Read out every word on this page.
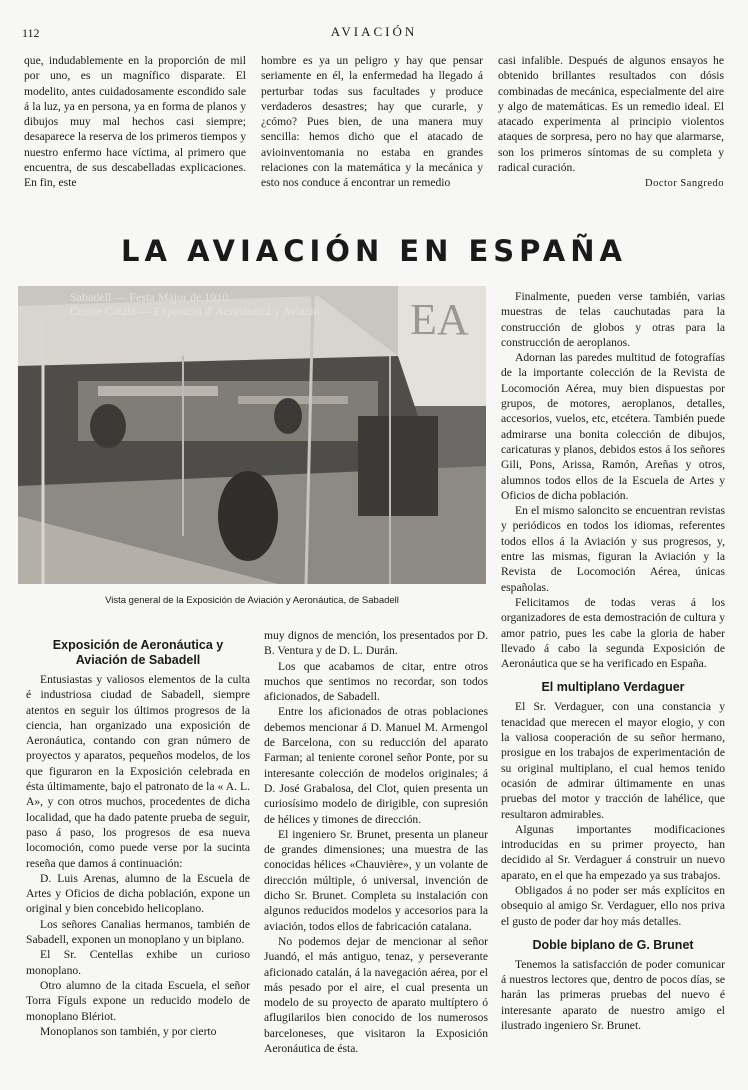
112	AVIACIÓN

que, indudablemente en la proporción de mil por uno, es un magnífico disparate. El modelito, antes cuidadosamente escondido sale á la luz, ya en persona, ya en forma de planos y dibujos muy mal hechos casi siempre; desaparece la reserva de los primeros tiempos y nuestro enfermo hace víctima, al primero que encuentra, de sus descabelladas explicaciones. En fin, este

hombre es ya un peligro y hay que pensar seriamente en él, la enfermedad ha llegado á perturbar todas sus facultades y produce verdaderos desastres; hay que curarle, y ¿cómo? Pues bien, de una manera muy sencilla: hemos dicho que el atacado de avioinventomania no estaba en grandes relaciones con la matemática y la mecánica y esto nos conduce á encontrar un remedio

casi infalible. Después de algunos ensayos he obtenido brillantes resultados con dósis combinadas de mecánica, especialmente del aire y algo de matemáticas. Es un remedio ideal. El atacado experimenta al principio violentos ataques de sorpresa, pero no hay que alarmarse, son los primeros síntomas de su completa y radical curación.

Doctor Sangredo
LA AVIACIÓN EN ESPAÑA
EA
Sabadell — Festa Major de 1910
Centre Catalá — Exposició d' Aerináutica y Aviació
Vista general de la Exposición de Aviación y Aeronáutica, de Sabadell

Finalmente, pueden verse también, varias muestras de telas cauchutadas para la construcción de globos y otras para la construcción de aeroplanos.

Adornan las paredes multitud de fotografías de la importante colección de la Revista de Locomoción Aérea, muy bien dispuestas por grupos, de motores, aeroplanos, detalles, accesorios, vuelos, etc, etcétera. También puede admirarse una bonita colección de dibujos, caricaturas y planos, debidos estos á los señores Gili, Pons, Arissa, Ramón, Areñas y otros, alumnos todos ellos de la Escuela de Artes y Oficios de dicha población.

En el mismo saloncito se encuentran revistas y periódicos en todos los idiomas, referentes todos ellos á la Aviación y sus progresos, y, entre las mismas, figuran la Aviación y la Revista de Locomoción Aérea, únicas españolas.

Felicitamos de todas veras á los organizadores de esta demostración de cultura y amor patrio, pues les cabe la gloria de haber llevado á cabo la segunda Exposición de Aeronáutica que se ha verificado en España.

El multiplano Verdaguer

El Sr. Verdaguer, con una constancia y tenacidad que merecen el mayor elogio, y con la valiosa cooperación de su señor hermano, prosigue en los trabajos de experimentación de su original multiplano, el cual hemos tenido ocasión de admirar últimamente en unas pruebas del motor y tracción de lahélice, que resultaron admirables.

Algunas importantes modificaciones introducidas en su primer proyecto, han decidido al Sr. Verdaguer á construir un nuevo aparato, en el que ha empezado ya sus trabajos.

Obligados á no poder ser más explícitos en obsequio al amigo Sr. Verdaguer, ello nos priva el gusto de poder dar hoy más detalles.

Doble biplano de G. Brunet

Tenemos la satisfacción de poder comunicar á nuestros lectores que, dentro de pocos días, se harán las primeras pruebas del nuevo é interesante aparato de nuestro amigo el ilustrado ingeniero Sr. Brunet.

Exposición de Aeronáutica y Aviación de Sabadell

Entusiastas y valiosos elementos de la culta é industriosa ciudad de Sabadell, siempre atentos en seguir los últimos progresos de la ciencia, han organizado una exposición de Aeronáutica, contando con gran número de proyectos y aparatos, pequeños modelos, de los que figuraron en la Exposición celebrada en ésta últimamente, bajo el patronato de la « A. L. A», y con otros muchos, procedentes de dicha localidad, que ha dado patente prueba de seguir, paso á paso, los progresos de esa nueva locomoción, como puede verse por la sucinta reseña que damos á continuación:

D. Luis Arenas, alumno de la Escuela de Artes y Oficios de dicha población, expone un original y bien concebido helicoplano.

Los señores Canalias hermanos, también de Sabadell, exponen un monoplano y un biplano.

El Sr. Centellas exhibe un curioso monoplano.

Otro alumno de la citada Escuela, el señor Torra Fíguls expone un reducido modelo de monoplano Blériot.

Monoplanos son también, y por cierto

muy dignos de mención, los presentados por D. B. Ventura y de D. L. Durán.

Los que acabamos de citar, entre otros muchos que sentimos no recordar, son todos aficionados, de Sabadell.

Entre los aficionados de otras poblaciones debemos mencionar á D. Manuel M. Armengol de Barcelona, con su reducción del aparato Farman; al teniente coronel señor Ponte, por su interesante colección de modelos originales; á D. José Grabalosa, del Clot, quien presenta un curiosísimo modelo de dirigible, con supresión de hélices y timones de dirección.

El ingeniero Sr. Brunet, presenta un planeur de grandes dimensiones; una muestra de las conocidas hélices «Chauvière», y un volante de dirección múltiple, ó universal, invención de dicho Sr. Brunet. Completa su instalación con algunos reducidos modelos y accesorios para la aviación, todos ellos de fabricación catalana.

No podemos dejar de mencionar al señor Juandó, el más antiguo, tenaz, y perseverante aficionado catalán, á la navegación aérea, por el más pesado por el aire, el cual presenta un modelo de su proyecto de aparato multíptero ó aflugilarilos bien conocido de los numerosos barceloneses, que visitaron la Exposición Aeronáutica de ésta.
